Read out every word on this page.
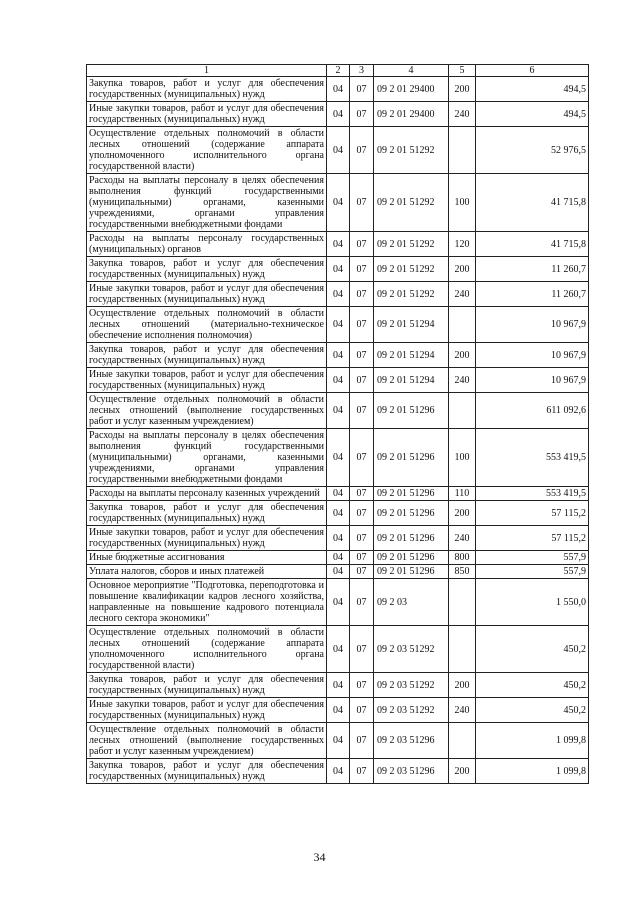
1	2	3	4	5	6
Закупка товаров, работ и услуг для обеспечения государственных (муниципальных) нужд	04	07	09 2 01 29400	200	494,5
Иные закупки товаров, работ и услуг для обеспечения государственных (муниципальных) нужд	04	07	09 2 01 29400	240	494,5
Осуществление отдельных полномочий в области лесных отношений (содержание аппарата уполномоченного исполнительного органа государственной власти)	04	07	09 2 01 51292		52 976,5
Расходы на выплаты персоналу в целях обеспечения выполнения функций государственными (муниципальными) органами, казенными учреждениями, органами управления государственными внебюджетными фондами	04	07	09 2 01 51292	100	41 715,8
Расходы на выплаты персоналу государственных (муниципальных) органов	04	07	09 2 01 51292	120	41 715,8
Закупка товаров, работ и услуг для обеспечения государственных (муниципальных) нужд	04	07	09 2 01 51292	200	11 260,7
Иные закупки товаров, работ и услуг для обеспечения государственных (муниципальных) нужд	04	07	09 2 01 51292	240	11 260,7
Осуществление отдельных полномочий в области лесных отношений (материально-техническое обеспечение исполнения полномочия)	04	07	09 2 01 51294		10 967,9
Закупка товаров, работ и услуг для обеспечения государственных (муниципальных) нужд	04	07	09 2 01 51294	200	10 967,9
Иные закупки товаров, работ и услуг для обеспечения государственных (муниципальных) нужд	04	07	09 2 01 51294	240	10 967,9
Осуществление отдельных полномочий в области лесных отношений (выполнение государственных работ и услуг казенным учреждением)	04	07	09 2 01 51296		611 092,6
Расходы на выплаты персоналу в целях обеспечения выполнения функций государственными (муниципальными) органами, казенными учреждениями, органами управления государственными внебюджетными фондами	04	07	09 2 01 51296	100	553 419,5
Расходы на выплаты персоналу казенных учреждений	04	07	09 2 01 51296	110	553 419,5
Закупка товаров, работ и услуг для обеспечения государственных (муниципальных) нужд	04	07	09 2 01 51296	200	57 115,2
Иные закупки товаров, работ и услуг для обеспечения государственных (муниципальных) нужд	04	07	09 2 01 51296	240	57 115,2
Иные бюджетные ассигнования	04	07	09 2 01 51296	800	557,9
Уплата налогов, сборов и иных платежей	04	07	09 2 01 51296	850	557,9
Основное мероприятие "Подготовка, переподготовка и повышение квалификации кадров лесного хозяйства, направленные на повышение кадрового потенциала лесного сектора экономики"	04	07	09 2 03		1 550,0
Осуществление отдельных полномочий в области лесных отношений (содержание аппарата уполномоченного исполнительного органа государственной власти)	04	07	09 2 03 51292		450,2
Закупка товаров, работ и услуг для обеспечения государственных (муниципальных) нужд	04	07	09 2 03 51292	200	450,2
Иные закупки товаров, работ и услуг для обеспечения государственных (муниципальных) нужд	04	07	09 2 03 51292	240	450,2
Осуществление отдельных полномочий в области лесных отношений (выполнение государственных работ и услуг казенным учреждением)	04	07	09 2 03 51296		1 099,8
Закупка товаров, работ и услуг для обеспечения государственных (муниципальных) нужд	04	07	09 2 03 51296	200	1 099,8
34
